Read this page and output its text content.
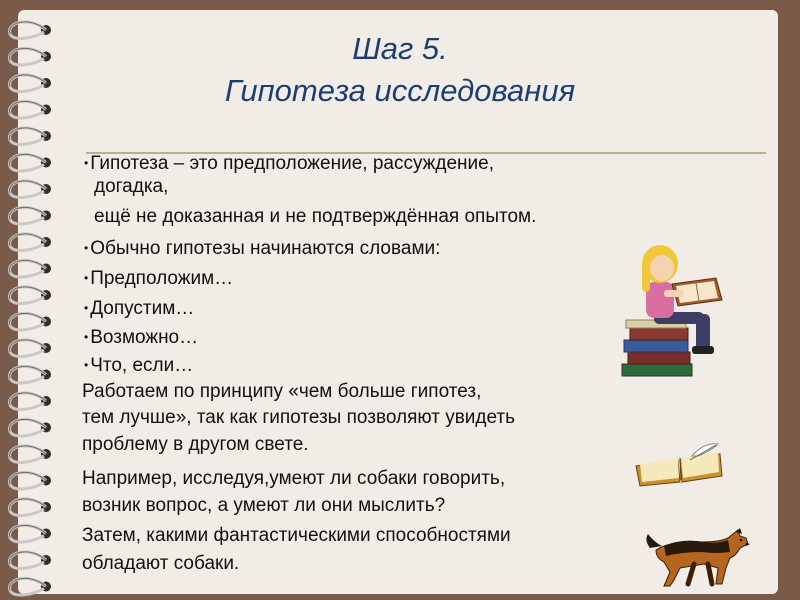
Шаг 5.
Гипотеза исследования
• Гипотеза – это предположение, рассуждение,
догадка,
ещё не доказанная и не подтверждённая опытом.
• Обычно гипотезы начинаются словами:
• Предположим…
• Допустим…
• Возможно…
• Что, если…
Работаем по принципу «чем больше гипотез,
тем лучше», так как гипотезы позволяют увидеть
проблему в другом свете.
Например, исследуя,умеют ли собаки говорить,
возник вопрос, а умеют ли они мыслить?
Затем, какими фантастическими способностями
обладают собаки.
